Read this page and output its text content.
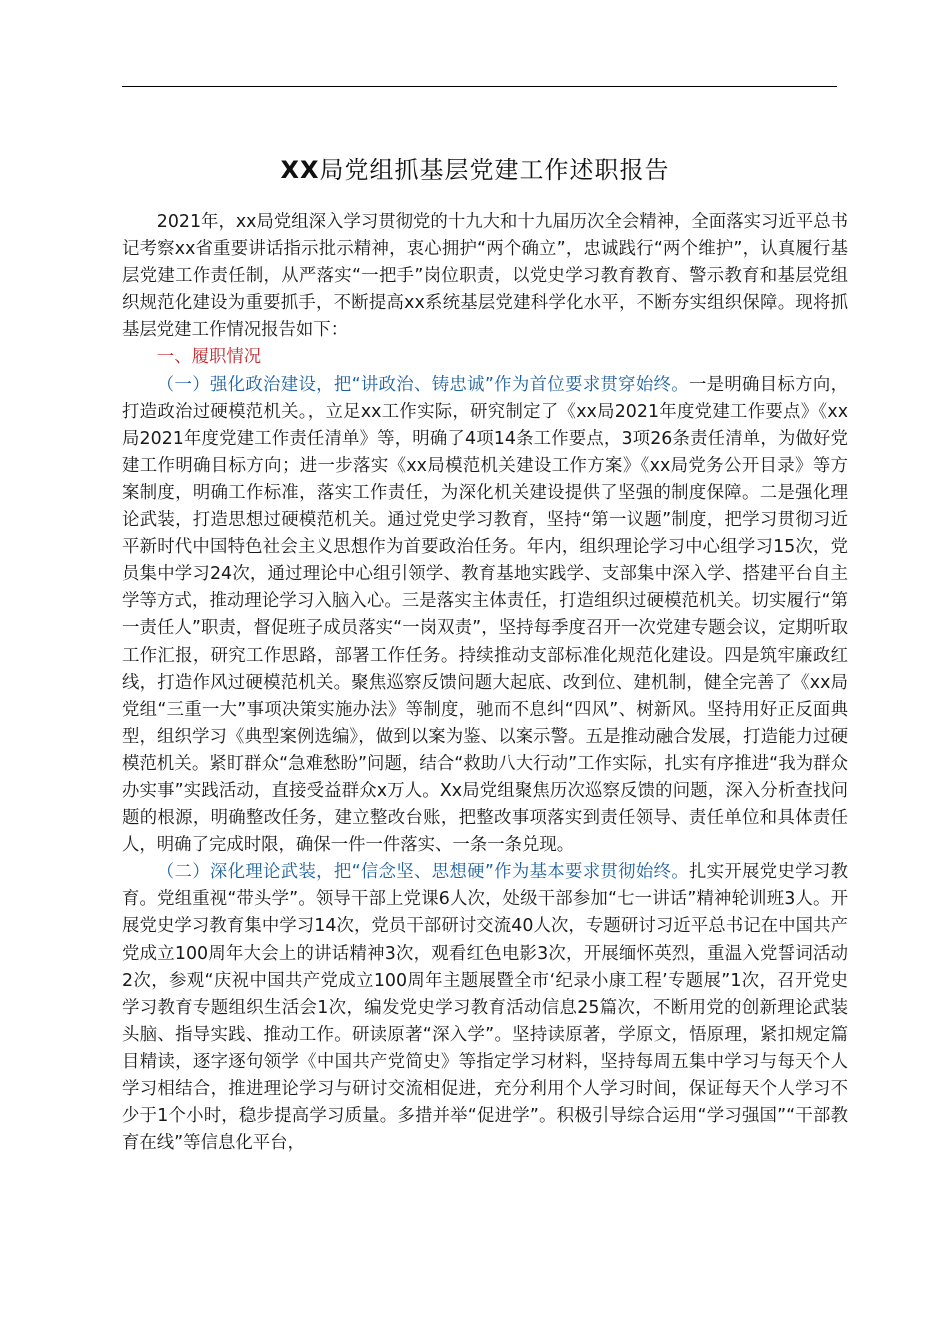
XX局党组抓基层党建工作述职报告

2021年，xx局党组深入学习贯彻党的十九大和十九届历次全会精神，全面落实习近平总书记考察xx省重要讲话指示批示精神，衷心拥护“两个确立”，忠诚践行“两个维护”，认真履行基层党建工作责任制，从严落实“一把手”岗位职责，以党史学习教育教育、警示教育和基层党组织规范化建设为重要抓手，不断提高xx系统基层党建科学化水平，不断夯实组织保障。现将抓基层党建工作情况报告如下：

一、履职情况

（一）强化政治建设，把“讲政治、铸忠诚”作为首位要求贯穿始终。一是明确目标方向，打造政治过硬模范机关。，立足xx工作实际，研究制定了《xx局2021年度党建工作要点》《xx局2021年度党建工作责任清单》等，明确了4项14条工作要点，3项26条责任清单，为做好党建工作明确目标方向；进一步落实《xx局模范机关建设工作方案》《xx局党务公开目录》等方案制度，明确工作标准，落实工作责任，为深化机关建设提供了坚强的制度保障。二是强化理论武装，打造思想过硬模范机关。通过党史学习教育，坚持“第一议题”制度，把学习贯彻习近平新时代中国特色社会主义思想作为首要政治任务。年内，组织理论学习中心组学习15次，党员集中学习24次，通过理论中心组引领学、教育基地实践学、支部集中深入学、搭建平台自主学等方式，推动理论学习入脑入心。三是落实主体责任，打造组织过硬模范机关。切实履行“第一责任人”职责，督促班子成员落实“一岗双责”，坚持每季度召开一次党建专题会议，定期听取工作汇报，研究工作思路，部署工作任务。持续推动支部标准化规范化建设。四是筑牢廉政红线，打造作风过硬模范机关。聚焦巡察反馈问题大起底、改到位、建机制，健全完善了《xx局党组“三重一大”事项决策实施办法》等制度，驰而不息纠“四风”、树新风。坚持用好正反面典型，组织学习《典型案例选编》，做到以案为鉴、以案示警。五是推动融合发展，打造能力过硬模范机关。紧盯群众“急难愁盼”问题，结合“救助八大行动”工作实际，扎实有序推进“我为群众办实事”实践活动，直接受益群众x万人。Xx局党组聚焦历次巡察反馈的问题，深入分析查找问题的根源，明确整改任务，建立整改台账，把整改事项落实到责任领导、责任单位和具体责任人，明确了完成时限，确保一件一件落实、一条一条兑现。

（二）深化理论武装，把“信念坚、思想硬”作为基本要求贯彻始终。扎实开展党史学习教育。党组重视“带头学”。领导干部上党课6人次，处级干部参加“七一讲话”精神轮训班3人。开展党史学习教育集中学习14次，党员干部研讨交流40人次，专题研讨习近平总书记在中国共产党成立100周年大会上的讲话精神3次，观看红色电影3次，开展缅怀英烈，重温入党誓词活动2次，参观“庆祝中国共产党成立100周年主题展暨全市‘纪录小康工程’专题展”1次，召开党史学习教育专题组织生活会1次，编发党史学习教育活动信息25篇次，不断用党的创新理论武装头脑、指导实践、推动工作。研读原著“深入学”。坚持读原著，学原文，悟原理，紧扣规定篇目精读，逐字逐句领学《中国共产党简史》等指定学习材料，坚持每周五集中学习与每天个人学习相结合，推进理论学习与研讨交流相促进，充分利用个人学习时间，保证每天个人学习不少于1个小时，稳步提高学习质量。多措并举“促进学”。积极引导综合运用“学习强国”“干部教育在线”等信息化平台，
